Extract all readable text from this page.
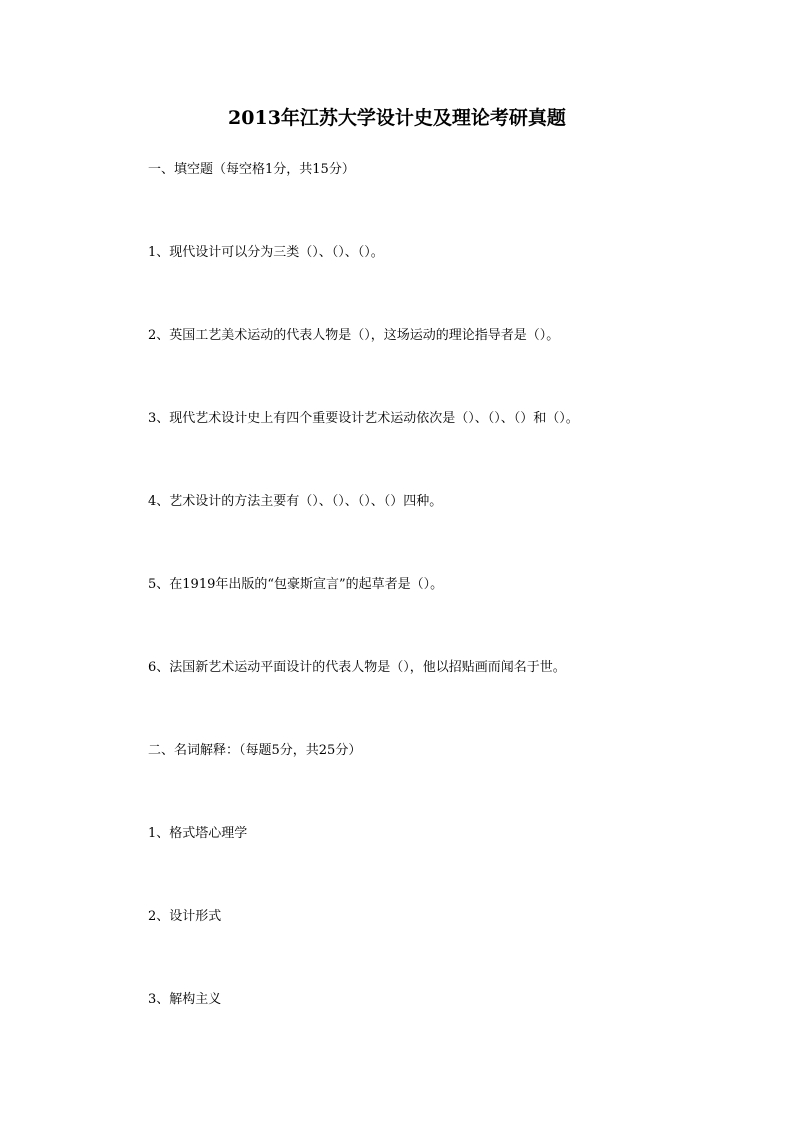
2013年江苏大学设计史及理论考研真题
一、填空题（每空格1分，共15分）
1、现代设计可以分为三类（）、（）、（）。
2、英国工艺美术运动的代表人物是（），这场运动的理论指导者是（）。
3、现代艺术设计史上有四个重要设计艺术运动依次是（）、（）、（）和（）。
4、艺术设计的方法主要有（）、（）、（）、（）四种。
5、在1919年出版的“包豪斯宣言”的起草者是（）。
6、法国新艺术运动平面设计的代表人物是（），他以招贴画而闻名于世。
二、名词解释：（每题5分，共25分）
1、格式塔心理学
2、设计形式
3、解构主义
